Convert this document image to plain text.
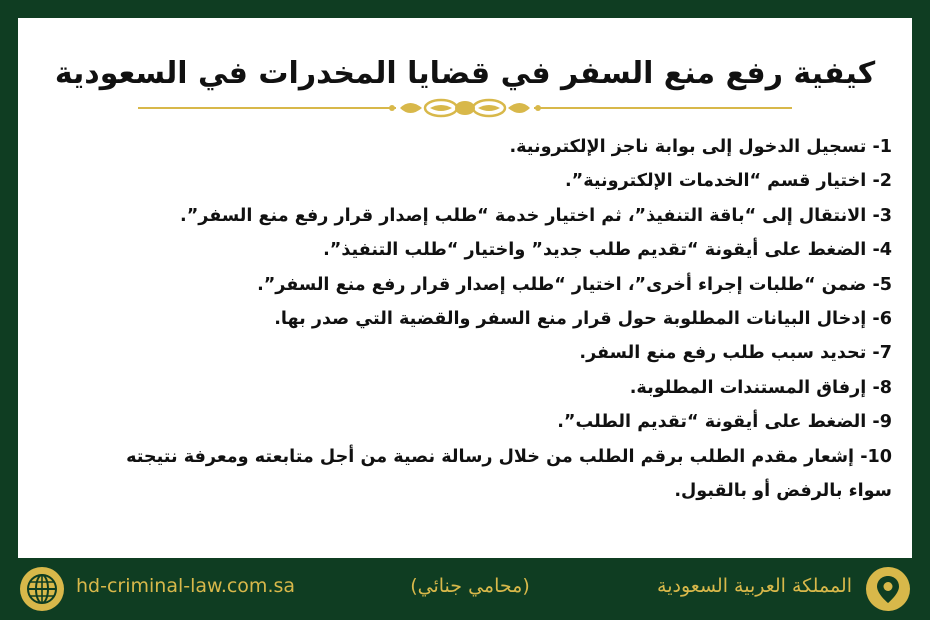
كيفية رفع منع السفر في قضايا المخدرات في السعودية
1- تسجيل الدخول إلى بوابة ناجز الإلكترونية.
2- اختيار قسم “الخدمات الإلكترونية”.
3- الانتقال إلى “باقة التنفيذ”، ثم اختيار خدمة “طلب إصدار قرار رفع منع السفر”.
4- الضغط على أيقونة “تقديم طلب جديد” واختيار “طلب التنفيذ”.
5- ضمن “طلبات إجراء أخرى”، اختيار “طلب إصدار قرار رفع منع السفر”.
6- إدخال البيانات المطلوبة حول قرار منع السفر والقضية التي صدر بها.
7- تحديد سبب طلب رفع منع السفر.
8- إرفاق المستندات المطلوبة.
9- الضغط على أيقونة “تقديم الطلب”.
10- إشعار مقدم الطلب برقم الطلب من خلال رسالة نصية من أجل متابعته ومعرفة نتيجته سواء بالرفض أو بالقبول.
hd-criminal-law.com.sa	(محامي جنائي)	المملكة العربية السعودية
